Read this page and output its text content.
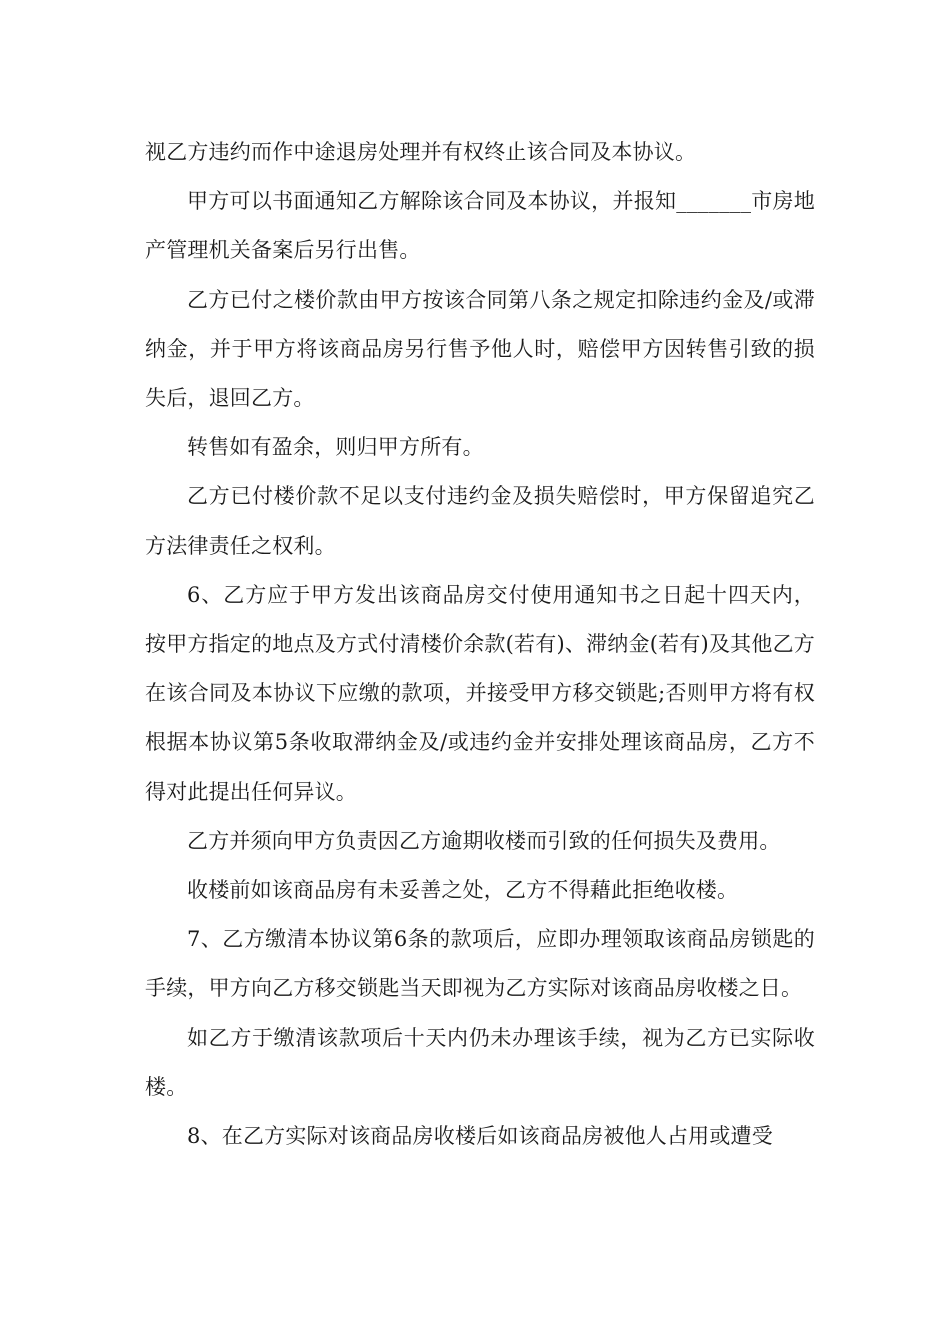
视乙方违约而作中途退房处理并有权终止该合同及本协议。

甲方可以书面通知乙方解除该合同及本协议，并报知_______市房地产管理机关备案后另行出售。

乙方已付之楼价款由甲方按该合同第八条之规定扣除违约金及/或滞纳金，并于甲方将该商品房另行售予他人时，赔偿甲方因转售引致的损失后，退回乙方。

转售如有盈余，则归甲方所有。

乙方已付楼价款不足以支付违约金及损失赔偿时，甲方保留追究乙方法律责任之权利。

6、乙方应于甲方发出该商品房交付使用通知书之日起十四天内，按甲方指定的地点及方式付清楼价余款(若有)、滞纳金(若有)及其他乙方在该合同及本协议下应缴的款项，并接受甲方移交锁匙;否则甲方将有权根据本协议第5条收取滞纳金及/或违约金并安排处理该商品房，乙方不得对此提出任何异议。

乙方并须向甲方负责因乙方逾期收楼而引致的任何损失及费用。

收楼前如该商品房有未妥善之处，乙方不得藉此拒绝收楼。

7、乙方缴清本协议第6条的款项后，应即办理领取该商品房锁匙的手续，甲方向乙方移交锁匙当天即视为乙方实际对该商品房收楼之日。

如乙方于缴清该款项后十天内仍未办理该手续，视为乙方已实际收楼。

8、在乙方实际对该商品房收楼后如该商品房被他人占用或遭受
